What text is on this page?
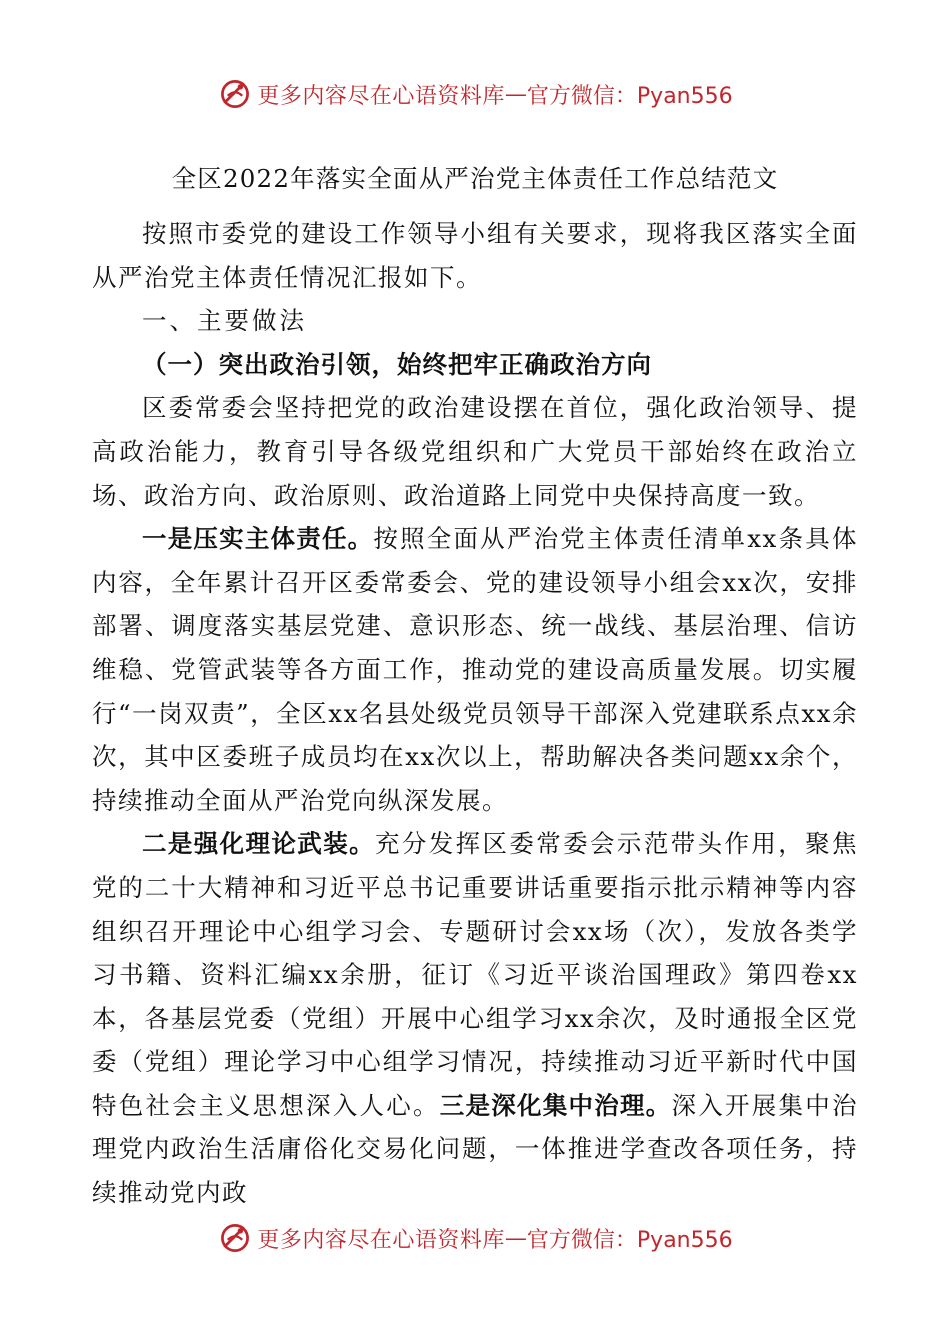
更多内容尽在心语资料库 — 官方微信：Pyan556
全区2022年落实全面从严治党主体责任工作总结范文

按照市委党的建设工作领导小组有关要求，现将我区落实全面从严治党主体责任情况汇报如下。

一、主要做法

（一）突出政治引领，始终把牢正确政治方向

区委常委会坚持把党的政治建设摆在首位，强化政治领导、提高政治能力，教育引导各级党组织和广大党员干部始终在政治立场、政治方向、政治原则、政治道路上同党中央保持高度一致。

一是压实主体责任。按照全面从严治党主体责任清单xx条具体内容，全年累计召开区委常委会、党的建设领导小组会xx次，安排部署、调度落实基层党建、意识形态、统一战线、基层治理、信访维稳、党管武装等各方面工作，推动党的建设高质量发展。切实履行“一岗双责”，全区xx名县处级党员领导干部深入党建联系点xx余次，其中区委班子成员均在xx次以上，帮助解决各类问题xx余个，持续推动全面从严治党向纵深发展。

二是强化理论武装。充分发挥区委常委会示范带头作用，聚焦党的二十大精神和习近平总书记重要讲话重要指示批示精神等内容组织召开理论中心组学习会、专题研讨会xx场（次），发放各类学习书籍、资料汇编xx余册，征订《习近平谈治国理政》第四卷xx本，各基层党委（党组）开展中心组学习xx余次，及时通报全区党委（党组）理论学习中心组学习情况，持续推动习近平新时代中国特色社会主义思想深入人心。三是深化集中治理。深入开展集中治理党内政治生活庸俗化交易化问题，一体推进学查改各项任务，持续推动党内政

更多内容尽在心语资料库 — 官方微信：Pyan556
